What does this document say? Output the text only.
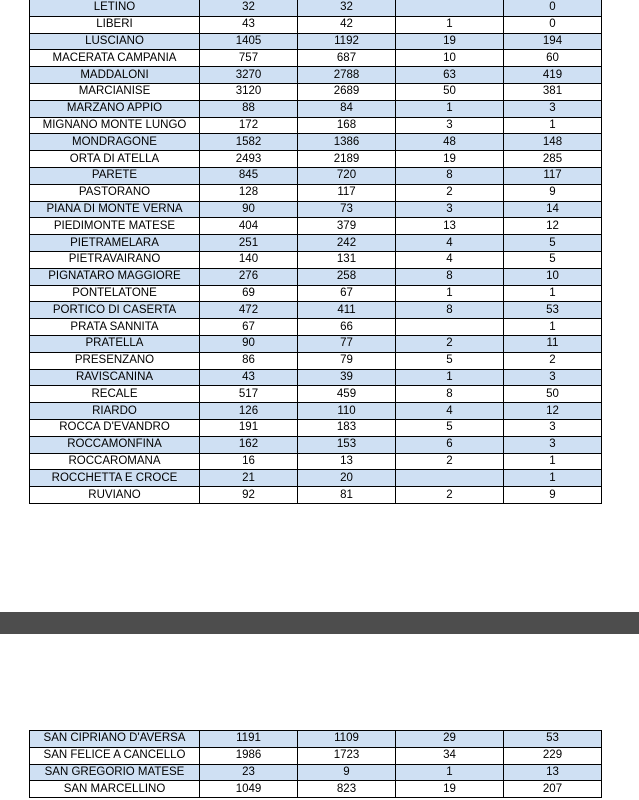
LETINO	32	32		0
LIBERI	43	42	1	0
LUSCIANO	1405	1192	19	194
MACERATA CAMPANIA	757	687	10	60
MADDALONI	3270	2788	63	419
MARCIANISE	3120	2689	50	381
MARZANO APPIO	88	84	1	3
MIGNANO MONTE LUNGO	172	168	3	1
MONDRAGONE	1582	1386	48	148
ORTA DI ATELLA	2493	2189	19	285
PARETE	845	720	8	117
PASTORANO	128	117	2	9
PIANA DI MONTE VERNA	90	73	3	14
PIEDIMONTE MATESE	404	379	13	12
PIETRAMELARA	251	242	4	5
PIETRAVAIRANO	140	131	4	5
PIGNATARO MAGGIORE	276	258	8	10
PONTELATONE	69	67	1	1
PORTICO DI CASERTA	472	411	8	53
PRATA SANNITA	67	66		1
PRATELLA	90	77	2	11
PRESENZANO	86	79	5	2
RAVISCANINA	43	39	1	3
RECALE	517	459	8	50
RIARDO	126	110	4	12
ROCCA D'EVANDRO	191	183	5	3
ROCCAMONFINA	162	153	6	3
ROCCAROMANA	16	13	2	1
ROCCHETTA E CROCE	21	20		1
RUVIANO	92	81	2	9
SAN CIPRIANO D'AVERSA	1191	1109	29	53
SAN FELICE A CANCELLO	1986	1723	34	229
SAN GREGORIO MATESE	23	9	1	13
SAN MARCELLINO	1049	823	19	207
